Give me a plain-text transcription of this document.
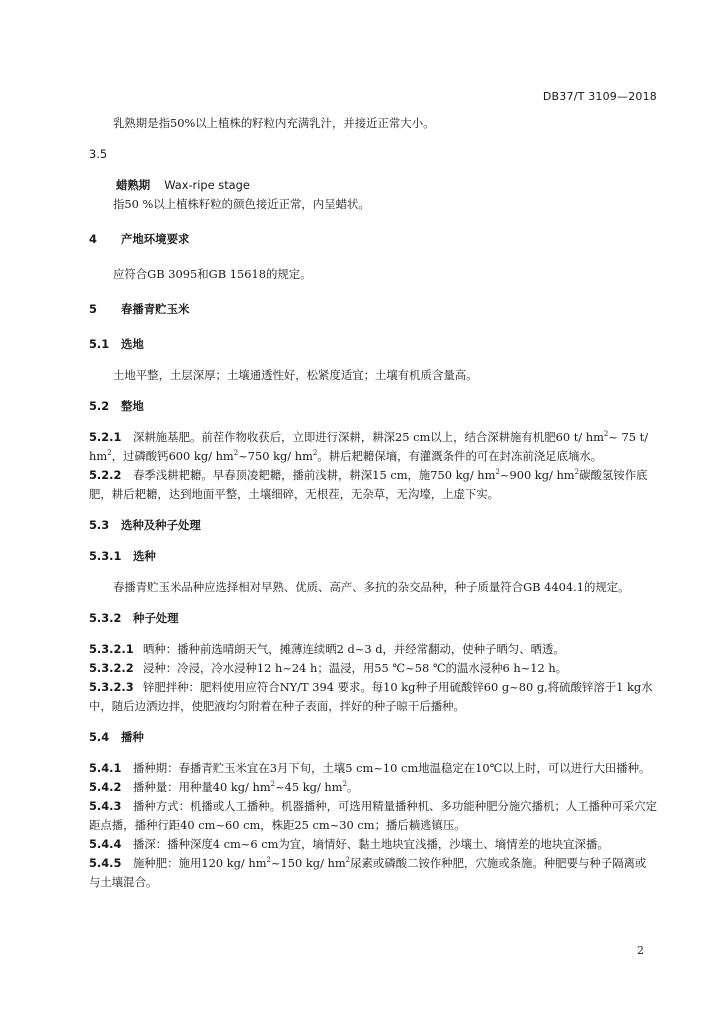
DB37/T 3109—2018

乳熟期是指50%以上植株的籽粒内充满乳汁，并接近正常大小。

3.5

蜡熟期 Wax-ripe stage

指50 %以上植株籽粒的颜色接近正常，内呈蜡状。

4 产地环境要求

应符合GB 3095和GB 15618的规定。

5 春播青贮玉米

5.1 选地

土地平整，土层深厚；土壤通透性好，松紧度适宜；土壤有机质含量高。

5.2 整地

5.2.1 深耕施基肥。前茬作物收获后，立即进行深耕，耕深25 cm以上，结合深耕施有机肥60 t/ $hm^2\sim$ 75 t/ $hm^2$，过磷酸钙600 kg/ $hm^2\sim 750$ kg/ $hm^2$。耕后耙耱保墒，有灌溉条件的可在封冻前浇足底墒水。

5.2.2 春季浅耕耙耱。早春顶凌耙耱，播前浅耕，耕深15 cm，施750 kg/ $hm^2\sim 900$ kg/ $hm^2$碳酸氢铵作底肥，耕后耙耱，达到地面平整，土壤细碎，无根茬，无杂草，无沟壕，上虚下实。

5.3 选种及种子处理

5.3.1 选种

春播青贮玉米品种应选择相对早熟、优质、高产、多抗的杂交品种，种子质量符合GB 4404.1的规定。

5.3.2 种子处理

5.3.2.1 晒种：播种前选晴朗天气，摊薄连续晒2 d~3 d，并经常翻动，使种子晒匀、晒透。

5.3.2.2 浸种：冷浸，冷水浸种12 h~24 h；温浸，用55 ℃~58 ℃的温水浸种6 h~12 h。

5.3.2.3 锌肥拌种：肥料使用应符合NY/T 394 要求。每10 kg种子用硫酸锌60 g~80 g,将硫酸锌溶于1 kg水中，随后边洒边拌，使肥液均匀附着在种子表面，拌好的种子晾干后播种。

5.4 播种

5.4.1 播种期：春播青贮玉米宜在3月下旬，土壤5 cm~10 cm地温稳定在10℃以上时，可以进行大田播种。

5.4.2 播种量：用种量40 kg/ $hm^2\sim 45$ kg/ $hm^2$。

5.4.3 播种方式：机播或人工播种。机器播种，可选用精量播种机、多功能种肥分施穴播机；人工播种可采穴定距点播，播种行距40 cm~60 cm，株距25 cm~30 cm；播后耥逃镇压。

5.4.4 播深：播种深度4 cm~6 cm为宜，墒情好、黏土地块宜浅播，沙壤土、墒情差的地块宜深播。

5.4.5 施种肥：施用120 kg/ $hm^2\sim 150$ kg/ $hm^2$尿素或磷酸二铵作种肥，穴施或条施。种肥要与种子隔离或与土壤混合。

2
